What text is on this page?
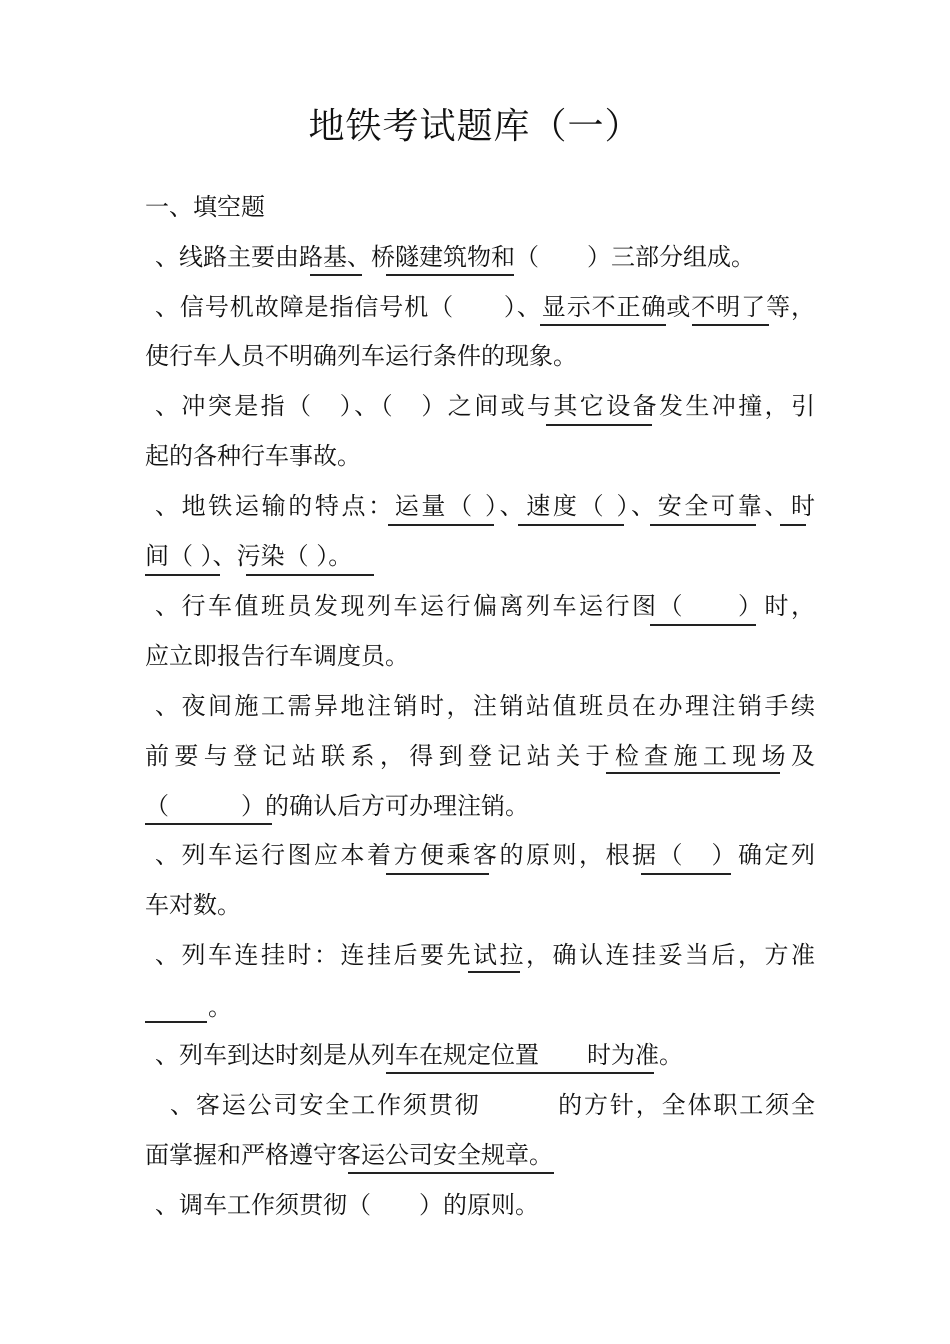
地铁考试题库（一）
一、填空题
、线路主要由路基、桥隧建筑物和（　　）三部分组成。
、信号机故障是指信号机（　　）、显示不正确或不明了等，
使行车人员不明确列车运行条件的现象。
、冲突是指（　）、（　）之间或与其它设备发生冲撞，引
起的各种行车事故。
、地铁运输的特点：运量（ ）、速度（ ）、安全可靠、时
间（ ）、污染（ ）。
、行车值班员发现列车运行偏离列车运行图（　　）时，
应立即报告行车调度员。
、夜间施工需异地注销时，注销站值班员在办理注销手续
前要与登记站联系，得到登记站关于检查施工现场及
（　　　）的确认后方可办理注销。
、列车运行图应本着方便乘客的原则，根据（　）确定列
车对数。
、列车连挂时：连挂后要先试拉，确认连挂妥当后，方准
。
、列车到达时刻是从列车在规定位置　　时为准。
、客运公司安全工作须贯彻　　　的方针，全体职工须全
面掌握和严格遵守客运公司安全规章。
、调车工作须贯彻（　　）的原则。
